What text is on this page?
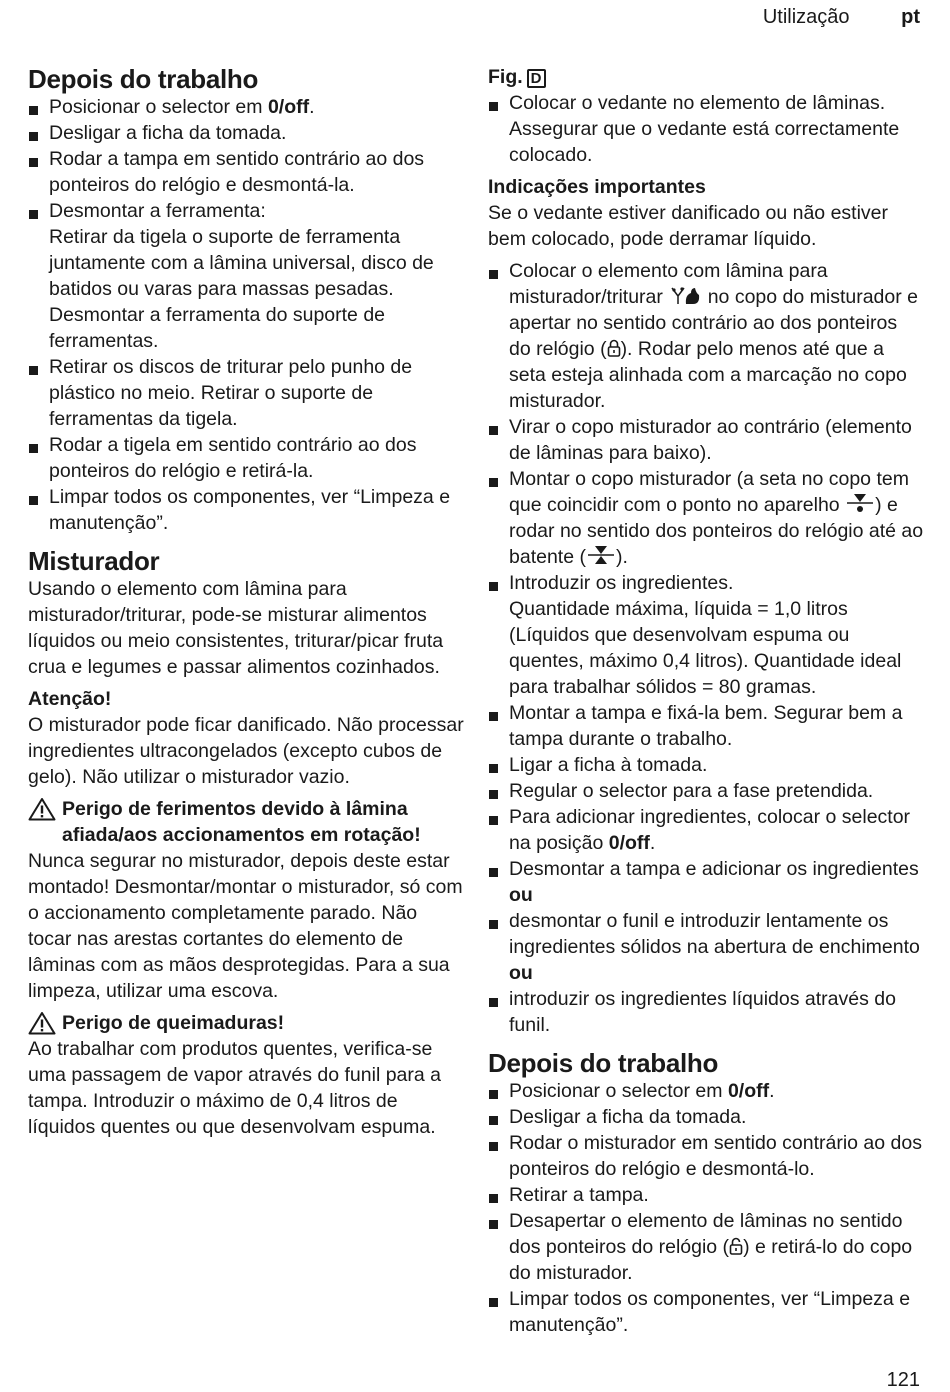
Utilização	pt
Depois do trabalho
Posicionar o selector em 0/off.
Desligar a ficha da tomada.
Rodar a tampa em sentido contrário ao dos ponteiros do relógio e desmontá-la.
Desmontar a ferramenta:
Retirar da tigela o suporte de ferramenta juntamente com a lâmina universal, disco de batidos ou varas para massas pesadas. Desmontar a ferramenta do suporte de ferramentas.
Retirar os discos de triturar pelo punho de plástico no meio. Retirar o suporte de ferramentas da tigela.
Rodar a tigela em sentido contrário ao dos ponteiros do relógio e retirá-la.
Limpar todos os componentes, ver “Limpeza e manutenção”.
Misturador

Usando o elemento com lâmina para misturador/triturar, pode-se misturar alimentos líquidos ou meio consistentes, triturar/picar fruta crua e legumes e passar alimentos cozinhados.

Atenção!

O misturador pode ficar danificado. Não processar ingredientes ultracongelados (excepto cubos de gelo). Não utilizar o misturador vazio.

Perigo de ferimentos devido à lâmina afiada/aos accionamentos em rotação!

Nunca segurar no misturador, depois deste estar montado! Desmontar/montar o misturador, só com o accionamento completamente parado. Não tocar nas arestas cortantes do elemento de lâminas com as mãos desprotegidas. Para a sua limpeza, utilizar uma escova.

Perigo de queimaduras!

Ao trabalhar com produtos quentes, verifica-se uma passagem de vapor através do funil para a tampa. Introduzir o máximo de 0,4 litros de líquidos quentes ou que desenvolvam espuma.

Fig. D

Colocar o vedante no elemento de lâminas. Assegurar que o vedante está correctamente colocado.

Indicações importantes

Se o vedante estiver danificado ou não estiver bem colocado, pode derramar líquido.

Colocar o elemento com lâmina para misturador/triturar  no copo do misturador e apertar no sentido contrário ao dos ponteiros do relógio ( ). Rodar pelo menos até que a seta esteja alinhada com a marcação no copo misturador.
Virar o copo misturador ao contrário (elemento de lâminas para baixo).
Montar o copo misturador (a seta no copo tem que coincidir com o ponto no aparelho ) e rodar no sentido dos ponteiros do relógio até ao batente ( ).
Introduzir os ingredientes.
Quantidade máxima, líquida = 1,0 litros (Líquidos que desenvolvam espuma ou quentes, máximo 0,4 litros). Quantidade ideal para trabalhar sólidos = 80 gramas.
Montar a tampa e fixá-la bem. Segurar bem a tampa durante o trabalho.
Ligar a ficha à tomada.
Regular o selector para a fase pretendida.
Para adicionar ingredientes, colocar o selector na posição 0/off.
Desmontar a tampa e adicionar os ingredientes ou
desmontar o funil e introduzir lentamente os ingredientes sólidos na abertura de enchimento ou
introduzir os ingredientes líquidos através do funil.
Depois do trabalho
Posicionar o selector em 0/off.
Desligar a ficha da tomada.
Rodar o misturador em sentido contrário ao dos ponteiros do relógio e desmontá-lo.
Retirar a tampa.
Desapertar o elemento de lâminas no sentido dos ponteiros do relógio ( ) e retirá-lo do copo do misturador.
Limpar todos os componentes, ver “Limpeza e manutenção”.
121
